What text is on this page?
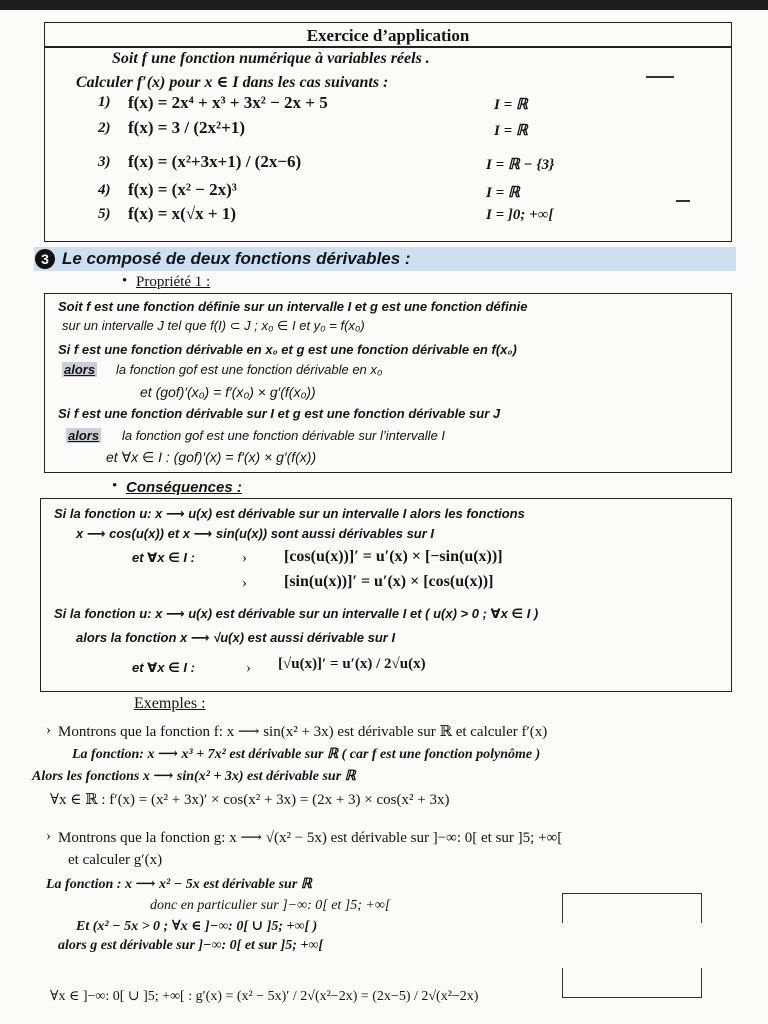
Exercice d’application
Soit f une fonction numérique à variables réels .
Calculer f′(x) pour x ∈ I dans les cas suivants :
1) f(x) = 2x⁴ + x³ + 3x² − 2x + 5	I = ℝ
2) f(x) = 3 / (2x²+1)	I = ℝ
3) f(x) = (x²+3x+1) / (2x−6)	I = ℝ − {3}
4) f(x) = (x² − 2x)³	I = ℝ
5) f(x) = x(√x + 1)	I = ]0; +∞[
3 Le composé de deux fonctions dérivables :
• Propriété 1 :
Soit f est une fonction définie sur un intervalle I et g est une fonction définie
sur un intervalle J tel que f(I) ⊂ J ; x₀ ∈ I et y₀ = f(x₀)
Si f est une fonction dérivable en x₀ et g est une fonction dérivable en f(x₀)
alors la fonction gof est une fonction dérivable en x₀
et (gof)′(x₀) = f′(x₀) × g′(f(x₀))
Si f est une fonction dérivable sur I et g est une fonction dérivable sur J
alors la fonction gof est une fonction dérivable sur l’intervalle I
et ∀x ∈ I : (gof)′(x) = f′(x) × g′(f(x))
• Conséquences :
Si la fonction u: x ⟶ u(x) est dérivable sur un intervalle I alors les fonctions
x ⟶ cos(u(x)) et x ⟶ sin(u(x)) sont aussi dérivables sur I
et ∀x ∈ I :	› [cos(u(x))]′ = u′(x) × [−sin(u(x))]
› [sin(u(x))]′ = u′(x) × [cos(u(x))]
Si la fonction u: x ⟶ u(x) est dérivable sur un intervalle I et ( u(x) > 0 ; ∀x ∈ I )
alors la fonction x ⟶ √u(x) est aussi dérivable sur I
et ∀x ∈ I :	› [√u(x)]′ = u′(x) / 2√u(x)
Exemples :
› Montrons que la fonction f: x ⟶ sin(x² + 3x) est dérivable sur ℝ et calculer f′(x)
La fonction: x ⟶ x³ + 7x² est dérivable sur ℝ ( car f est une fonction polynôme )
Alors les fonctions x ⟶ sin(x² + 3x) est dérivable sur ℝ
∀x ∈ ℝ : f′(x) = (x² + 3x)′ × cos(x² + 3x) = (2x + 3) × cos(x² + 3x)
› Montrons que la fonction g: x ⟶ √(x² − 5x) est dérivable sur ]−∞: 0[ et sur ]5; +∞[
et calculer g′(x)
La fonction : x ⟶ x² − 5x est dérivable sur ℝ
donc en particulier sur ]−∞: 0[ et ]5; +∞[
Et (x² − 5x > 0 ; ∀x ∈ ]−∞: 0[ ∪ ]5; +∞[ )
alors g est dérivable sur ]−∞: 0[ et sur ]5; +∞[
∀x ∈ ]−∞: 0[ ∪ ]5; +∞[ : g′(x) = (x² − 5x)′ / 2√(x²−2x) = (2x−5) / 2√(x²−2x)
